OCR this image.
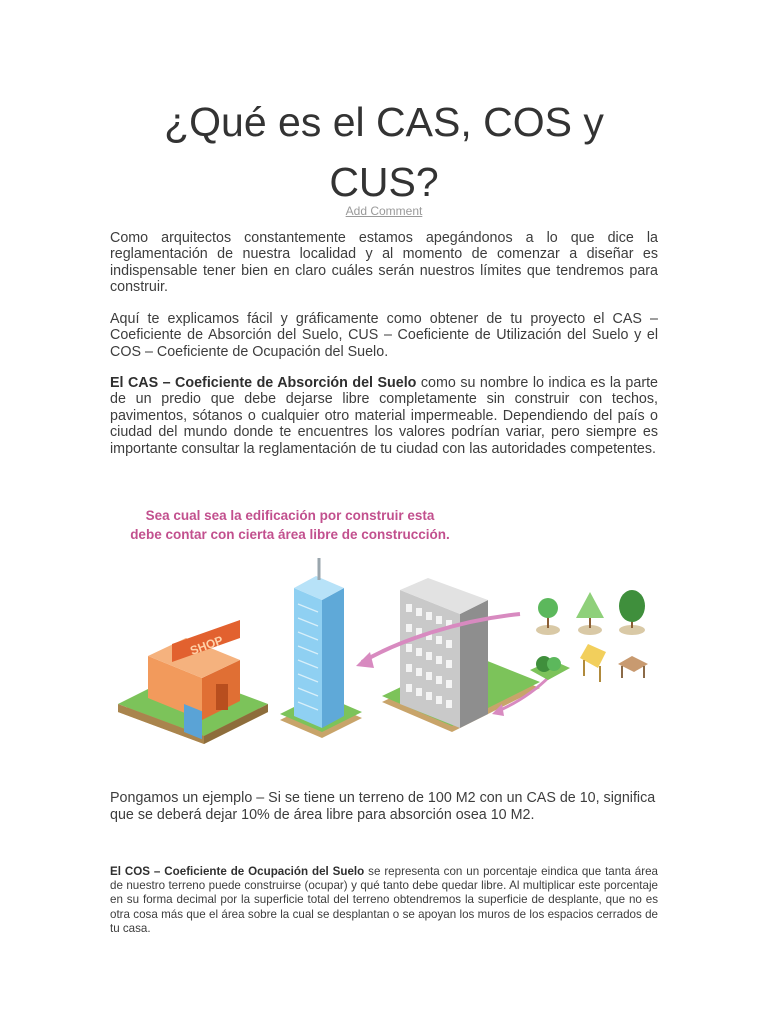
¿Qué es el CAS, COS y
CUS?
Add Comment

Como arquitectos constantemente estamos apegándonos a lo que dice la reglamentación de nuestra localidad y al momento de comenzar a diseñar es indispensable tener bien en claro cuáles serán nuestros límites que tendremos para construir.

Aquí te explicamos fácil y gráficamente como obtener de tu proyecto el CAS – Coeficiente de Absorción del Suelo, CUS – Coeficiente de Utilización del Suelo y el COS – Coeficiente de Ocupación del Suelo.

El CAS – Coeficiente de Absorción del Suelo como su nombre lo indica es la parte de un predio que debe dejarse libre completamente sin construir con techos, pavimentos, sótanos o cualquier otro material impermeable. Dependiendo del país o ciudad del mundo donde te encuentres los valores podrían variar, pero siempre es importante consultar la reglamentación de tu ciudad con las autoridades competentes.

Sea cual sea la edificación por construir esta
debe contar con cierta área libre de construcción.
SHOP

Pongamos un ejemplo – Si se tiene un terreno de 100 M2 con un CAS de 10, significa que se deberá dejar 10% de área libre para absorción osea 10 M2.

El COS – Coeficiente de Ocupación del Suelo se representa con un porcentaje eindica que tanta área de nuestro terreno puede construirse (ocupar) y qué tanto debe quedar libre. Al multiplicar este porcentaje en su forma decimal por la superficie total del terreno obtendremos la superficie de desplante, que no es otra cosa más que el área sobre la cual se desplantan o se apoyan los muros de los espacios cerrados de tu casa.
